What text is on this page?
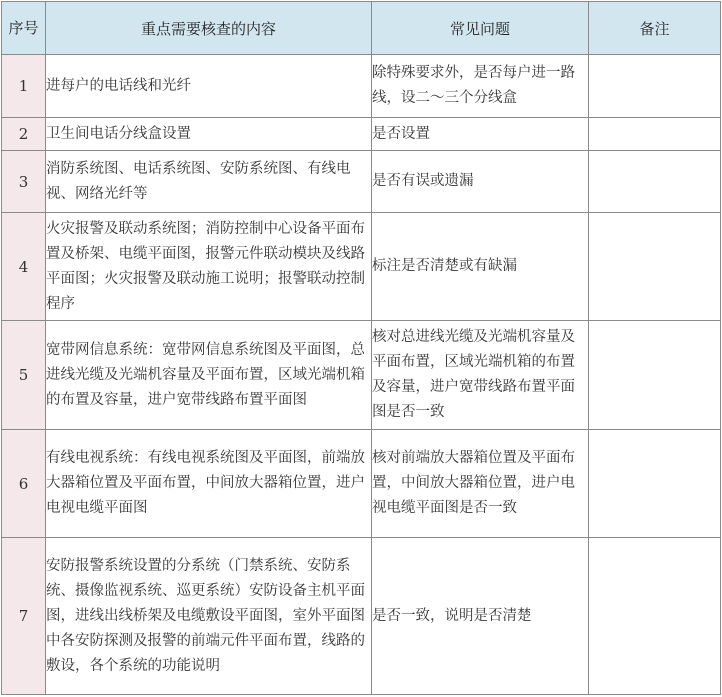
序号	重点需要核查的内容	常见问题	备注
1	进每户的电话线和光纤	除特殊要求外，是否每户进一路线，设二～三个分线盒	
2	卫生间电话分线盒设置	是否设置	
3	消防系统图、电话系统图、安防系统图、有线电视、网络光纤等	是否有误或遗漏	
4	火灾报警及联动系统图；消防控制中心设备平面布置及桥架、电缆平面图，报警元件联动模块及线路平面图；火灾报警及联动施工说明；报警联动控制程序	标注是否清楚或有缺漏	
5	宽带网信息系统：宽带网信息系统图及平面图，总进线光缆及光端机容量及平面布置，区域光端机箱的布置及容量，进户宽带线路布置平面图	核对总进线光缆及光端机容量及平面布置，区域光端机箱的布置及容量，进户宽带线路布置平面图是否一致	
6	有线电视系统：有线电视系统图及平面图，前端放大器箱位置及平面布置，中间放大器箱位置，进户电视电缆平面图	核对前端放大器箱位置及平面布置，中间放大器箱位置，进户电视电缆平面图是否一致	
7	安防报警系统设置的分系统（门禁系统、安防系统、摄像监视系统、巡更系统）安防设备主机平面图，进线出线桥架及电缆敷设平面图，室外平面图中各安防探测及报警的前端元件平面布置，线路的敷设，各个系统的功能说明	是否一致，说明是否清楚	
